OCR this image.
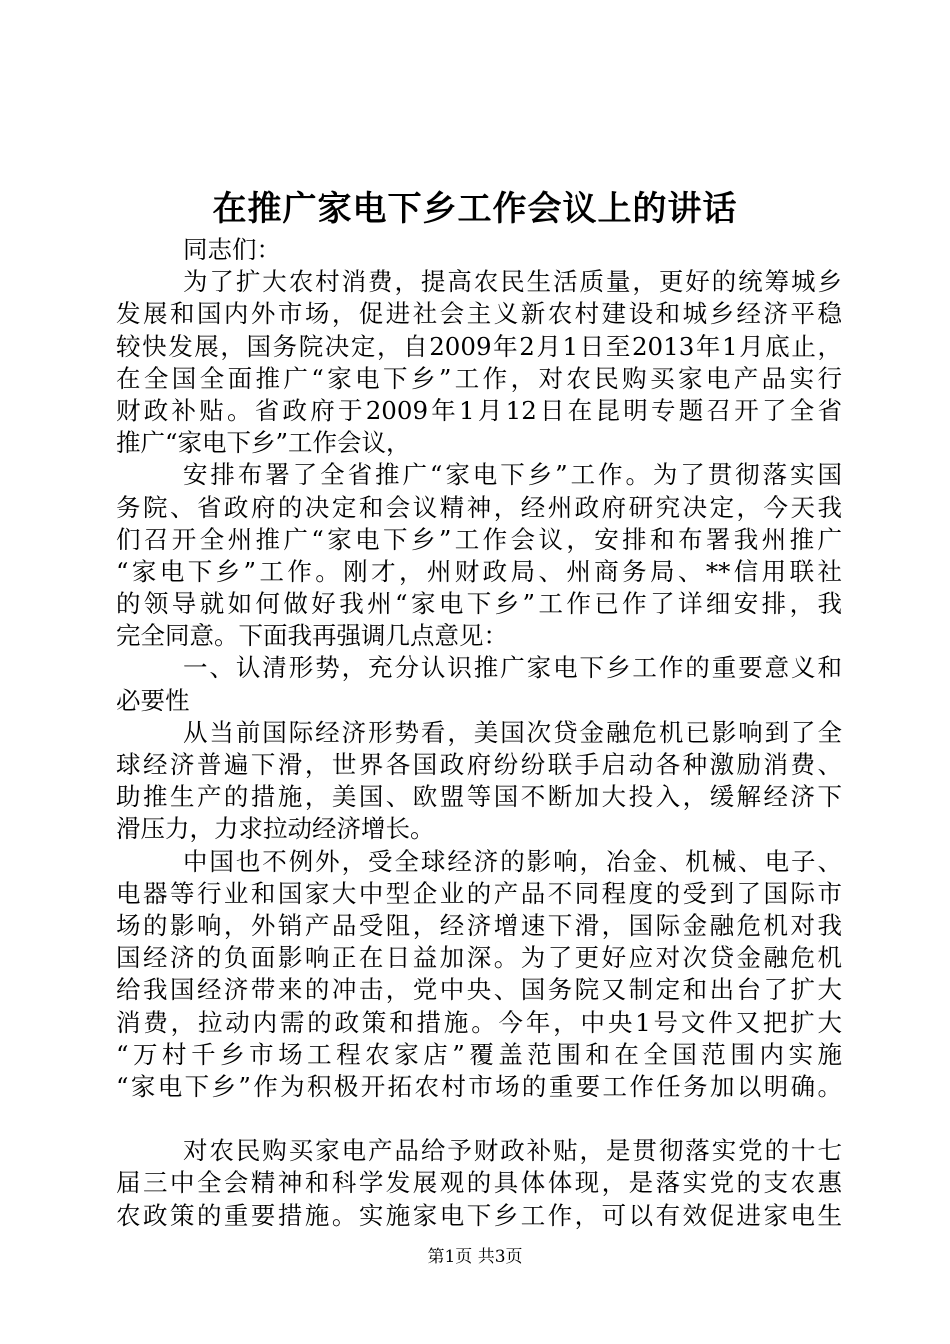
在推广家电下乡工作会议上的讲话
同志们：
为了扩大农村消费，提高农民生活质量，更好的统筹城乡
发展和国内外市场，促进社会主义新农村建设和城乡经济平稳
较快发展，国务院决定，自2009年2月1日至2013年1月底止，
在全国全面推广“家电下乡”工作，对农民购买家电产品实行
财政补贴。省政府于2009年1月12日在昆明专题召开了全省
推广“家电下乡”工作会议，
安排布署了全省推广“家电下乡”工作。为了贯彻落实国
务院、省政府的决定和会议精神，经州政府研究决定，今天我
们召开全州推广“家电下乡”工作会议，安排和布署我州推广
“家电下乡”工作。刚才，州财政局、州商务局、**信用联社
的领导就如何做好我州“家电下乡”工作已作了详细安排，我
完全同意。下面我再强调几点意见：
一、认清形势，充分认识推广家电下乡工作的重要意义和
必要性
从当前国际经济形势看，美国次贷金融危机已影响到了全
球经济普遍下滑，世界各国政府纷纷联手启动各种激励消费、
助推生产的措施，美国、欧盟等国不断加大投入，缓解经济下
滑压力，力求拉动经济增长。
中国也不例外，受全球经济的影响，冶金、机械、电子、
电器等行业和国家大中型企业的产品不同程度的受到了国际市
场的影响，外销产品受阻，经济增速下滑，国际金融危机对我
国经济的负面影响正在日益加深。为了更好应对次贷金融危机
给我国经济带来的冲击，党中央、国务院又制定和出台了扩大
消费，拉动内需的政策和措施。今年，中央1号文件又把扩大
“万村千乡市场工程农家店”覆盖范围和在全国范围内实施
“家电下乡”作为积极开拓农村市场的重要工作任务加以明确。
对农民购买家电产品给予财政补贴，是贯彻落实党的十七
届三中全会精神和科学发展观的具体体现，是落实党的支农惠
农政策的重要措施。实施家电下乡工作，可以有效促进家电生
第1页 共3页
